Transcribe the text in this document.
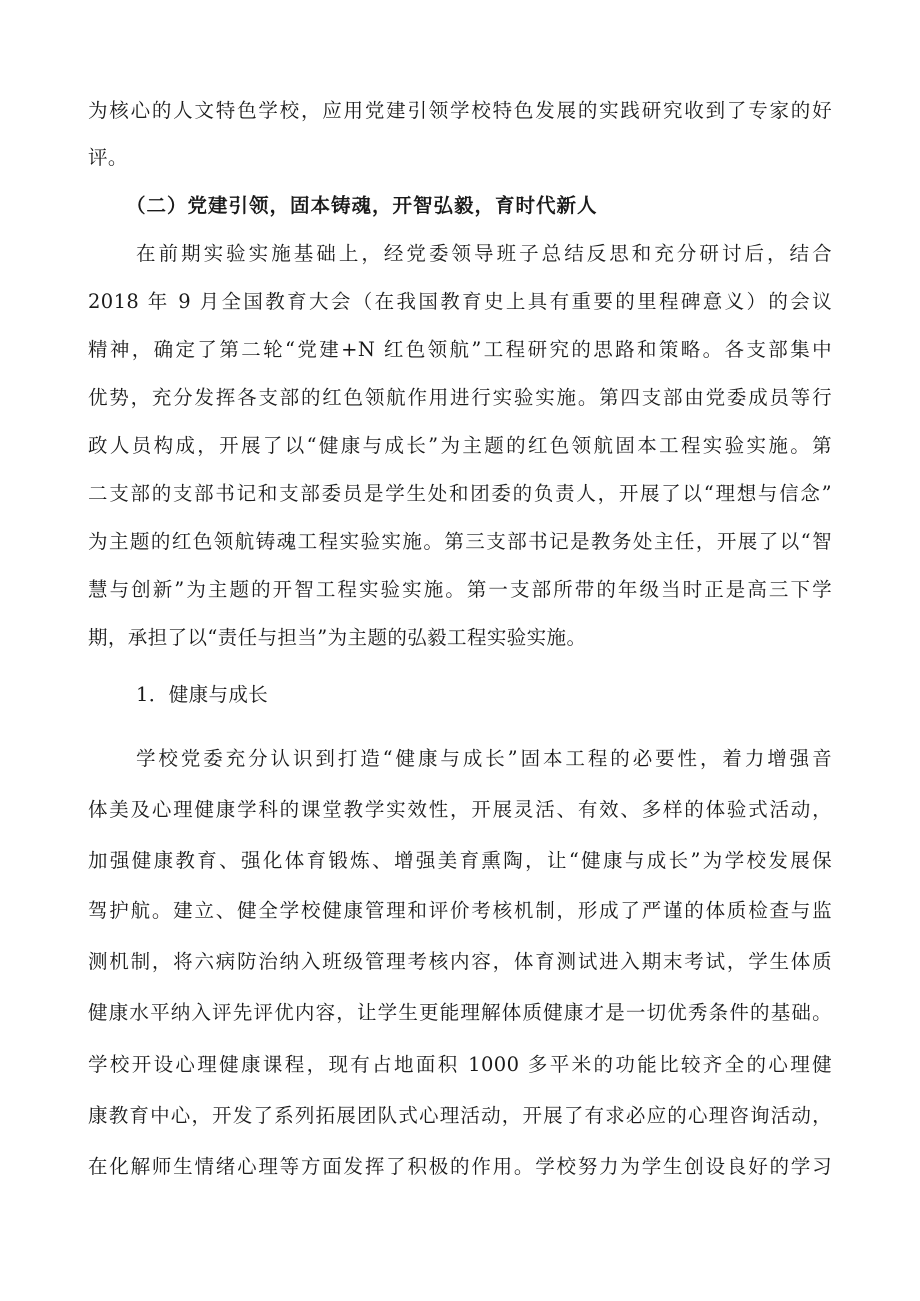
为核心的人文特色学校，应用党建引领学校特色发展的实践研究收到了专家的好
评。
（二）党建引领，固本铸魂，开智弘毅，育时代新人
在前期实验实施基础上，经党委领导班子总结反思和充分研讨后，结合
2018 年 9 月全国教育大会（在我国教育史上具有重要的里程碑意义）的会议
精神，确定了第二轮“党建+N 红色领航”工程研究的思路和策略。各支部集中
优势，充分发挥各支部的红色领航作用进行实验实施。第四支部由党委成员等行
政人员构成，开展了以“健康与成长”为主题的红色领航固本工程实验实施。第
二支部的支部书记和支部委员是学生处和团委的负责人，开展了以“理想与信念”
为主题的红色领航铸魂工程实验实施。第三支部书记是教务处主任，开展了以“智
慧与创新”为主题的开智工程实验实施。第一支部所带的年级当时正是高三下学
期，承担了以“责任与担当”为主题的弘毅工程实验实施。
1．健康与成长
学校党委充分认识到打造“健康与成长”固本工程的必要性，着力增强音
体美及心理健康学科的课堂教学实效性，开展灵活、有效、多样的体验式活动，
加强健康教育、强化体育锻炼、增强美育熏陶，让“健康与成长”为学校发展保
驾护航。建立、健全学校健康管理和评价考核机制，形成了严谨的体质检查与监
测机制，将六病防治纳入班级管理考核内容，体育测试进入期末考试，学生体质
健康水平纳入评先评优内容，让学生更能理解体质健康才是一切优秀条件的基础。
学校开设心理健康课程，现有占地面积 1000 多平米的功能比较齐全的心理健
康教育中心，开发了系列拓展团队式心理活动，开展了有求必应的心理咨询活动，
在化解师生情绪心理等方面发挥了积极的作用。学校努力为学生创设良好的学习
